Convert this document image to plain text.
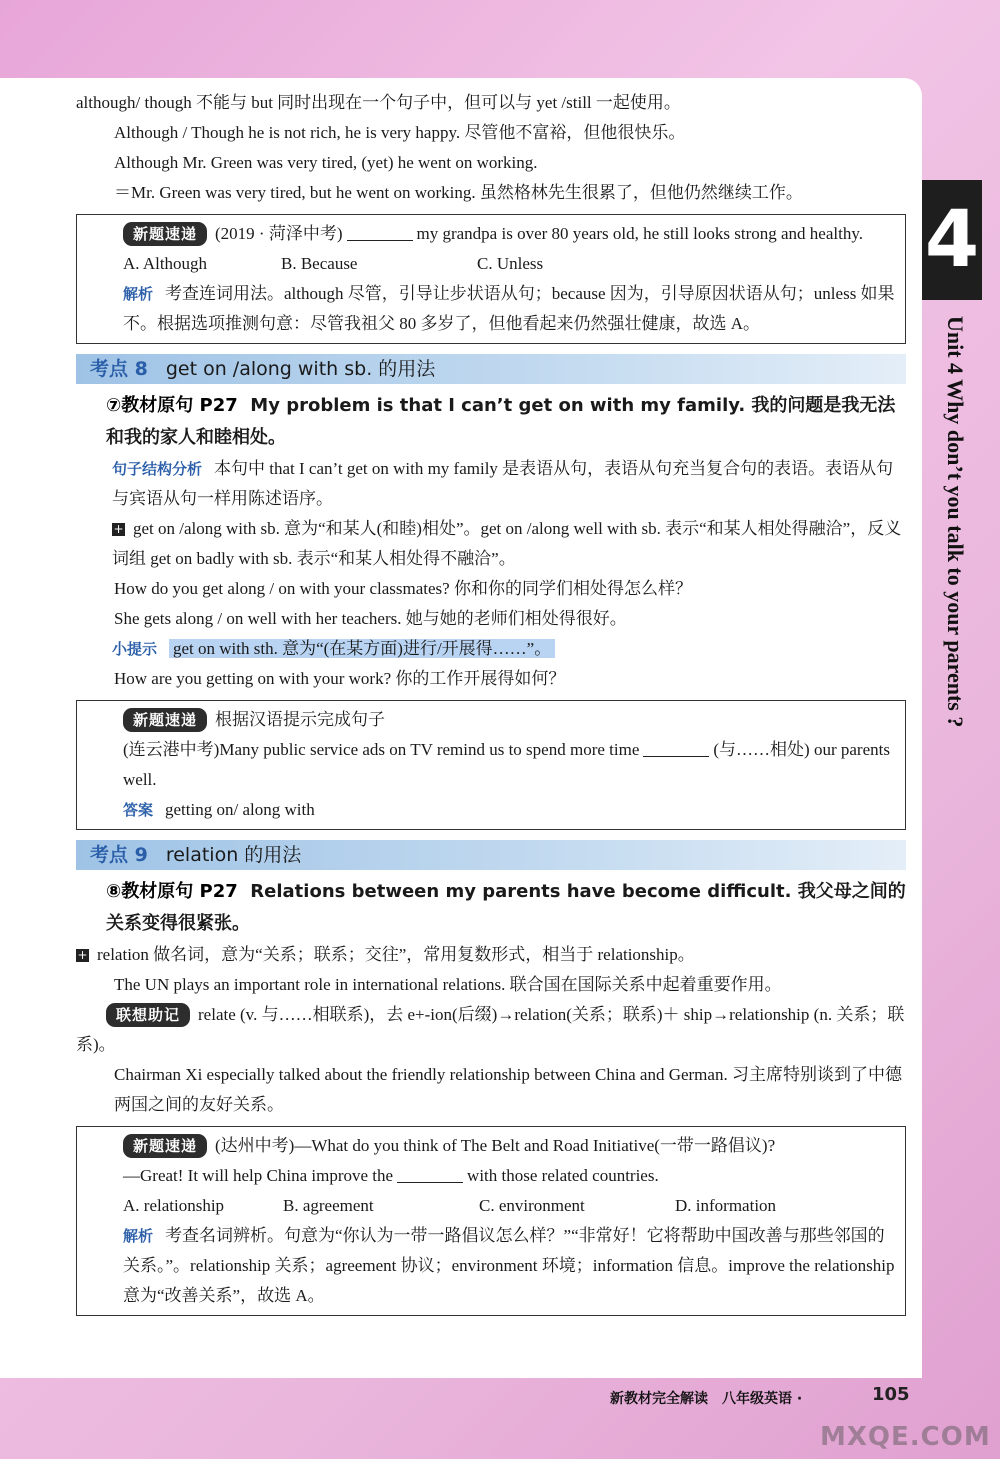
although/ though 不能与 but 同时出现在一个句子中，但可以与 yet /still 一起使用。

Although / Though he is not rich, he is very happy. 尽管他不富裕，但他很快乐。

Although Mr. Green was very tired, (yet) he went on working.

＝Mr. Green was very tired, but he went on working. 虽然格林先生很累了，但他仍然继续工作。

新题速递 (2019 · 菏泽中考)	my grandpa is over 80 years old, he still looks strong and healthy.

A. Although	B. Because	C. Unless

解析 考查连词用法。although 尽管，引导让步状语从句；because 因为，引导原因状语从句；unless 如果不。根据选项推测句意：尽管我祖父 80 多岁了，但他看起来仍然强壮健康，故选 A。

考点 8 get on /along with sb. 的用法

⑦教材原句 P27 My problem is that I can’t get on with my family. 我的问题是我无法和我的家人和睦相处。

句子结构分析 本句中 that I can’t get on with my family 是表语从句，表语从句充当复合句的表语。表语从句与宾语从句一样用陈述语序。

+ get on /along with sb. 意为“和某人(和睦)相处”。get on /along well with sb. 表示“和某人相处得融洽”，反义词组 get on badly with sb. 表示“和某人相处得不融洽”。

How do you get along / on with your classmates? 你和你的同学们相处得怎么样？

She gets along / on well with her teachers. 她与她的老师们相处得很好。

小提示 get on with sth. 意为“(在某方面)进行/开展得……”。

How are you getting on with your work? 你的工作开展得如何？

新题速递 根据汉语提示完成句子

(连云港中考)Many public service ads on TV remind us to spend more time	(与……相处) our parents well.

答案 getting on/ along with

考点 9 relation 的用法

⑧教材原句 P27 Relations between my parents have become difficult. 我父母之间的关系变得很紧张。

+ relation 做名词，意为“关系；联系；交往”，常用复数形式，相当于 relationship。

The UN plays an important role in international relations. 联合国在国际关系中起着重要作用。

联想助记 relate (v. 与……相联系)，去 e+-ion(后缀)→relation(关系；联系)＋ ship→relationship (n. 关系；联系)。

Chairman Xi especially talked about the friendly relationship between China and German. 习主席特别谈到了中德两国之间的友好关系。

新题速递 (达州中考)—What do you think of The Belt and Road Initiative(一带一路倡议)?

—Great! It will help China improve the	with those related countries.

A. relationship	B. agreement	C. environment	D. information

解析 考查名词辨析。句意为“你认为一带一路倡议怎么样？”“非常好！它将帮助中国改善与那些邻国的关系。”。relationship 关系；agreement 协议；environment 环境；information 信息。improve the relationship 意为“改善关系”，故选 A。

4
Unit 4 Why don’t you talk to your parents ?
新教材完全解读　八年级英语 ·	105
MXQE.COM
